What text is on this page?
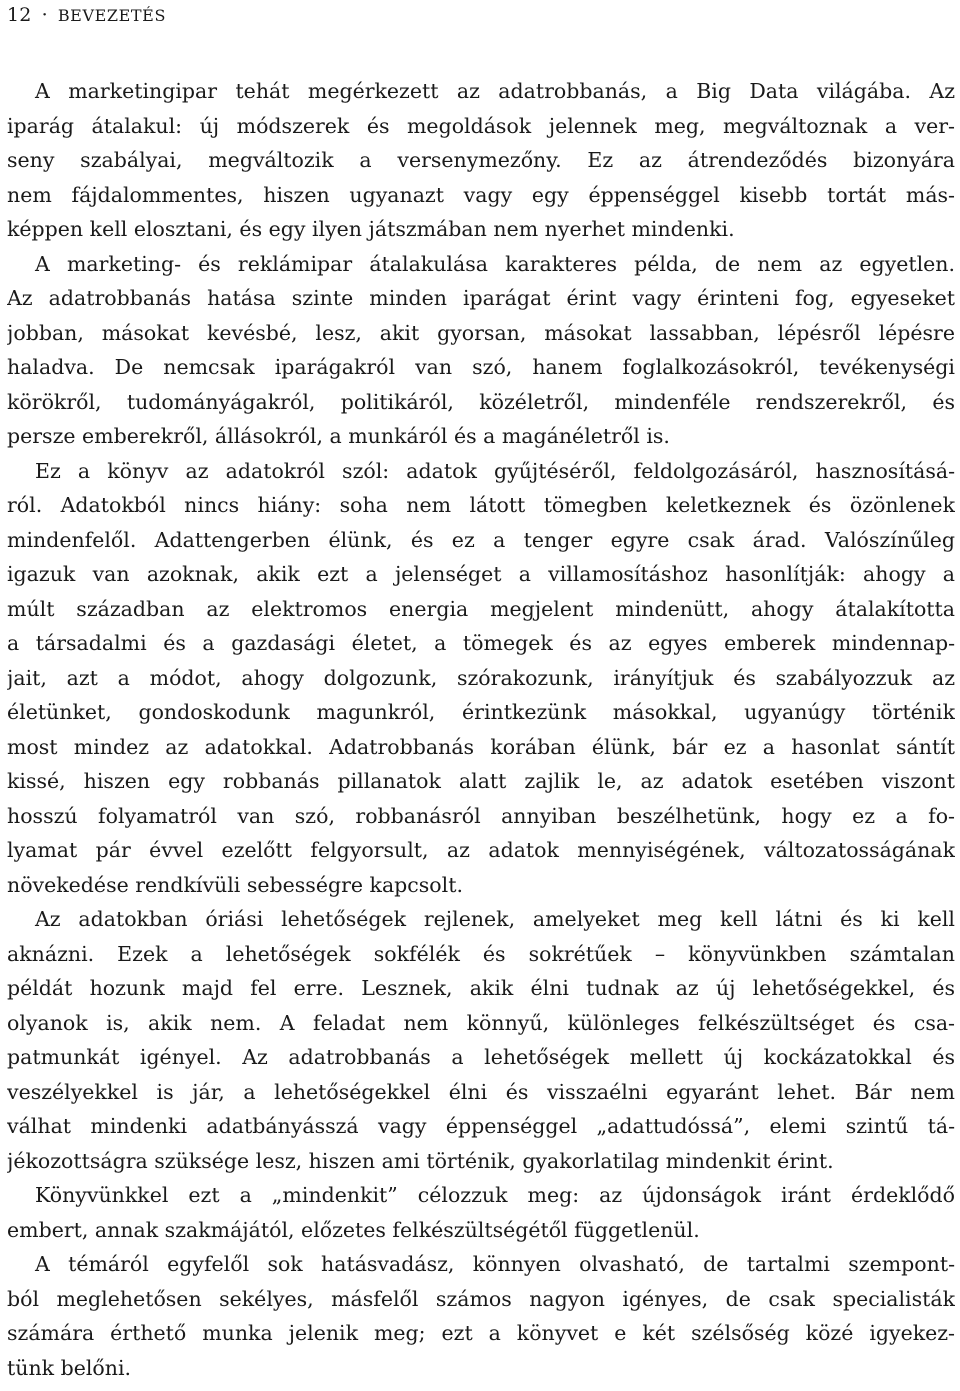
12 · BEVEZETÉS

A marketingipar tehát megérkezett az adatrobbanás, a Big Data világába. Az
iparág átalakul: új módszerek és megoldások jelennek meg, megváltoznak a ver-
seny szabályai, megváltozik a versenymezőny. Ez az átrendeződés bizonyára
nem fájdalommentes, hiszen ugyanazt vagy egy éppenséggel kisebb tortát más-
képpen kell elosztani, és egy ilyen játszmában nem nyerhet mindenki.

A marketing- és reklámipar átalakulása karakteres példa, de nem az egyetlen.
Az adatrobbanás hatása szinte minden iparágat érint vagy érinteni fog, egyeseket
jobban, másokat kevésbé, lesz, akit gyorsan, másokat lassabban, lépésről lépésre
haladva. De nemcsak iparágakról van szó, hanem foglalkozásokról, tevékenységi
körökről, tudományágakról, politikáról, közéletről, mindenféle rendszerekről, és
persze emberekről, állásokról, a munkáról és a magánéletről is.

Ez a könyv az adatokról szól: adatok gyűjtéséről, feldolgozásáról, hasznosításá-
ról. Adatokból nincs hiány: soha nem látott tömegben keletkeznek és özönlenek
mindenfelől. Adattengerben élünk, és ez a tenger egyre csak árad. Valószínűleg
igazuk van azoknak, akik ezt a jelenséget a villamosításhoz hasonlítják: ahogy a
múlt században az elektromos energia megjelent mindenütt, ahogy átalakította
a társadalmi és a gazdasági életet, a tömegek és az egyes emberek mindennap-
jait, azt a módot, ahogy dolgozunk, szórakozunk, irányítjuk és szabályozzuk az
életünket, gondoskodunk magunkról, érintkezünk másokkal, ugyanúgy történik
most mindez az adatokkal. Adatrobbanás korában élünk, bár ez a hasonlat sántít
kissé, hiszen egy robbanás pillanatok alatt zajlik le, az adatok esetében viszont
hosszú folyamatról van szó, robbanásról annyiban beszélhetünk, hogy ez a fo-
lyamat pár évvel ezelőtt felgyorsult, az adatok mennyiségének, változatosságának
növekedése rendkívüli sebességre kapcsolt.

Az adatokban óriási lehetőségek rejlenek, amelyeket meg kell látni és ki kell
aknázni. Ezek a lehetőségek sokfélék és sokrétűek – könyvünkben számtalan
példát hozunk majd fel erre. Lesznek, akik élni tudnak az új lehetőségekkel, és
olyanok is, akik nem. A feladat nem könnyű, különleges felkészültséget és csa-
patmunkát igényel. Az adatrobbanás a lehetőségek mellett új kockázatokkal és
veszélyekkel is jár, a lehetőségekkel élni és visszaélni egyaránt lehet. Bár nem
válhat mindenki adatbányásszá vagy éppenséggel „adattudóssá”, elemi szintű tá-
jékozottságra szüksége lesz, hiszen ami történik, gyakorlatilag mindenkit érint.

Könyvünkkel ezt a „mindenkit” célozzuk meg: az újdonságok iránt érdeklődő
embert, annak szakmájától, előzetes felkészültségétől függetlenül.

A témáról egyfelől sok hatásvadász, könnyen olvasható, de tartalmi szempont-
ból meglehetősen sekélyes, másfelől számos nagyon igényes, de csak specialisták
számára érthető munka jelenik meg; ezt a könyvet e két szélsőség közé igyekez-
tünk belőni.
